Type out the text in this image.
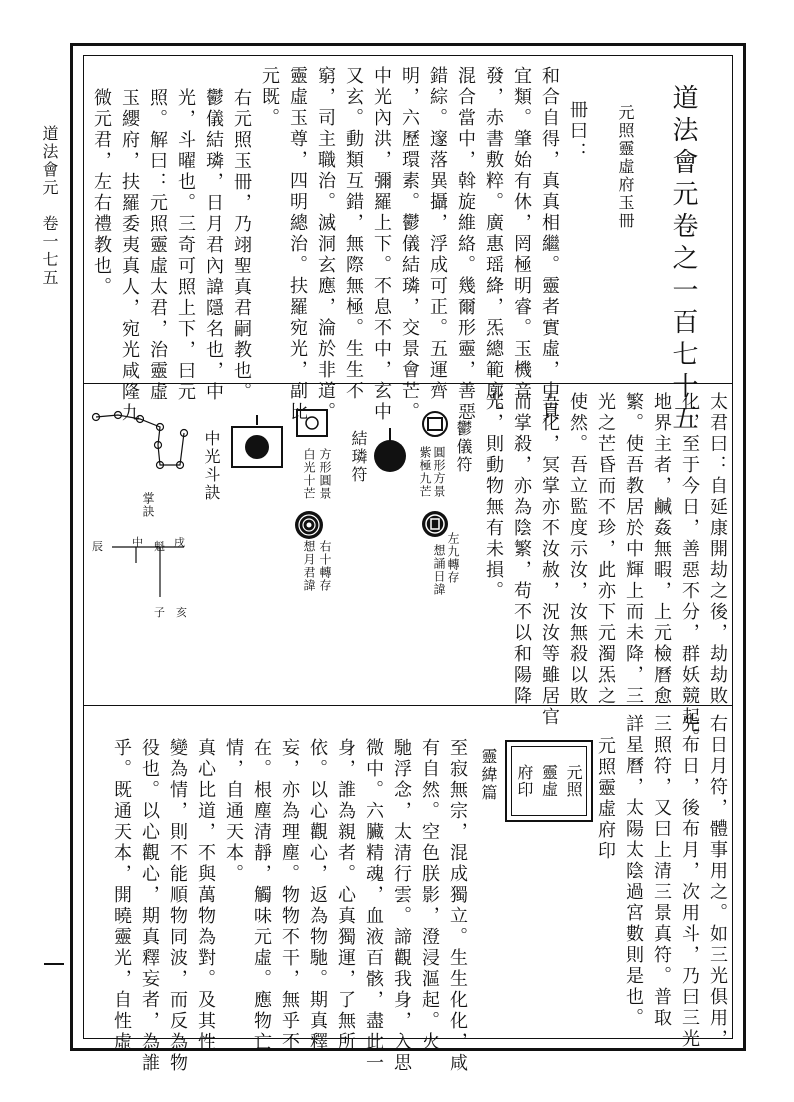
道法會元　卷一七五	道法會元卷之一百七十五
元照靈虛府玉冊
冊曰：
和合自得，真真相繼。靈者實虛，中真
宜類。肇始有休，罔極明睿。玉機音
發，赤書敷粹。廣惠瑶絳，炁總範廓。
混合當中，斡旋維絡。幾爾形靈，善惡
錯綜。邃落異攝，浮成可正。五運齊
明，六歷環素。鬱儀結璘，交景會芒。
中光內洪，彌羅上下。不息不中，玄中
又玄。動類互錯，無際無極。生生不
窮，司主職治。滅洞玄應，淪於非道。
靈虛玉尊，四明總治。扶羅宛光，副比
元既。
右元照玉冊，乃翊聖真君嗣教也。
鬱儀結璘，日月君內諱隱名也，中
光，斗曜也。三奇可照上下，曰元
照。解曰：元照靈虛太君，治靈虛
玉纓府，扶羅委夷真人，宛光咸隆九
微元君，左右禮教也。
太君曰：自延康開劫之後，劫劫敗
化，至于今日，善惡不分，群妖競起。
地界主者，鹹姦無暇，上元檢曆愈
繁。使吾教居於中輝上而未降，三
光之芒昏而不珍，此亦下元濁炁之
使然。吾立監度示汝，汝無殺以敗
吾化，冥掌亦不汝赦，況汝等雖居官
而掌殺，亦為陰繁，苟不以和陽降
光，則動物無有未損。
鬱儀符
圓形方景
紫極九芒
左九轉存
想誦日諱
結璘符
方形圓景
白光十芒
右十轉存
想月君諱
中光斗訣
掌訣
辰	中 魁 戌
子 亥
右日月符，體事用之。如三光俱用，
先布日，後布月，次用斗，乃曰三光
三照符，又曰上清三景真符。普取
詳星曆，太陽太陰過宮數則是也。
元照靈虛府印
元照
靈虛
府印
靈緯篇
至寂無宗，混成獨立。生生化化，咸
有自然。空色朕影，澄浸漚起。火
馳浮念，太清行雲。諦觀我身，入思
微中。六臟精魂，血液百骸，盡此一
身，誰為親者。心真獨運，了無所
依。以心觀心，返為物馳。期真釋
妄，亦為理塵。物物不干，無乎不
在。根塵清靜，觸味元虛。應物亡
情，自通天本。
真心比道，不與萬物為對。及其性
變為情，則不能順物同波，而反為物
役也。以心觀心，期真釋妄者，為誰
乎。既通天本，開曉靈光，自性虛
